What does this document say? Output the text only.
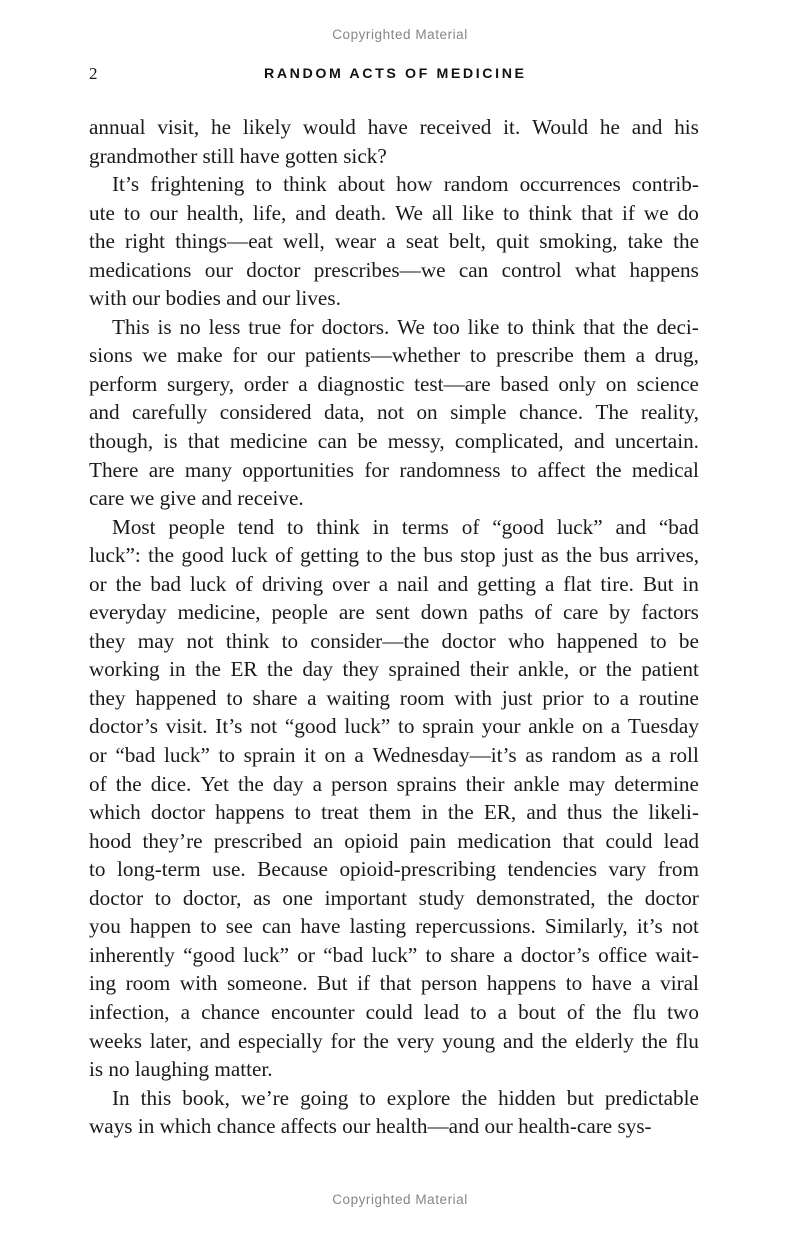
Copyrighted Material
2	RANDOM ACTS OF MEDICINE

annual visit, he likely would have received it. Would he and his
grandmother still have gotten sick?

It’s frightening to think about how random occurrences contrib-
ute to our health, life, and death. We all like to think that if we do
the right things—eat well, wear a seat belt, quit smoking, take the
medications our doctor prescribes—we can control what happens
with our bodies and our lives.

This is no less true for doctors. We too like to think that the deci-
sions we make for our patients—whether to prescribe them a drug,
perform surgery, order a diagnostic test—are based only on science
and carefully considered data, not on simple chance. The reality,
though, is that medicine can be messy, complicated, and uncertain.
There are many opportunities for randomness to affect the medical
care we give and receive.

Most people tend to think in terms of “good luck” and “bad
luck”: the good luck of getting to the bus stop just as the bus arrives,
or the bad luck of driving over a nail and getting a flat tire. But in
everyday medicine, people are sent down paths of care by factors
they may not think to consider—the doctor who happened to be
working in the ER the day they sprained their ankle, or the patient
they happened to share a waiting room with just prior to a routine
doctor’s visit. It’s not “good luck” to sprain your ankle on a Tuesday
or “bad luck” to sprain it on a Wednesday—it’s as random as a roll
of the dice. Yet the day a person sprains their ankle may determine
which doctor happens to treat them in the ER, and thus the likeli-
hood they’re prescribed an opioid pain medication that could lead
to long-term use. Because opioid-prescribing tendencies vary from
doctor to doctor, as one important study demonstrated, the doctor
you happen to see can have lasting repercussions. Similarly, it’s not
inherently “good luck” or “bad luck” to share a doctor’s office wait-
ing room with someone. But if that person happens to have a viral
infection, a chance encounter could lead to a bout of the flu two
weeks later, and especially for the very young and the elderly the flu
is no laughing matter.

In this book, we’re going to explore the hidden but predictable
ways in which chance affects our health—and our health-care sys-

Copyrighted Material
